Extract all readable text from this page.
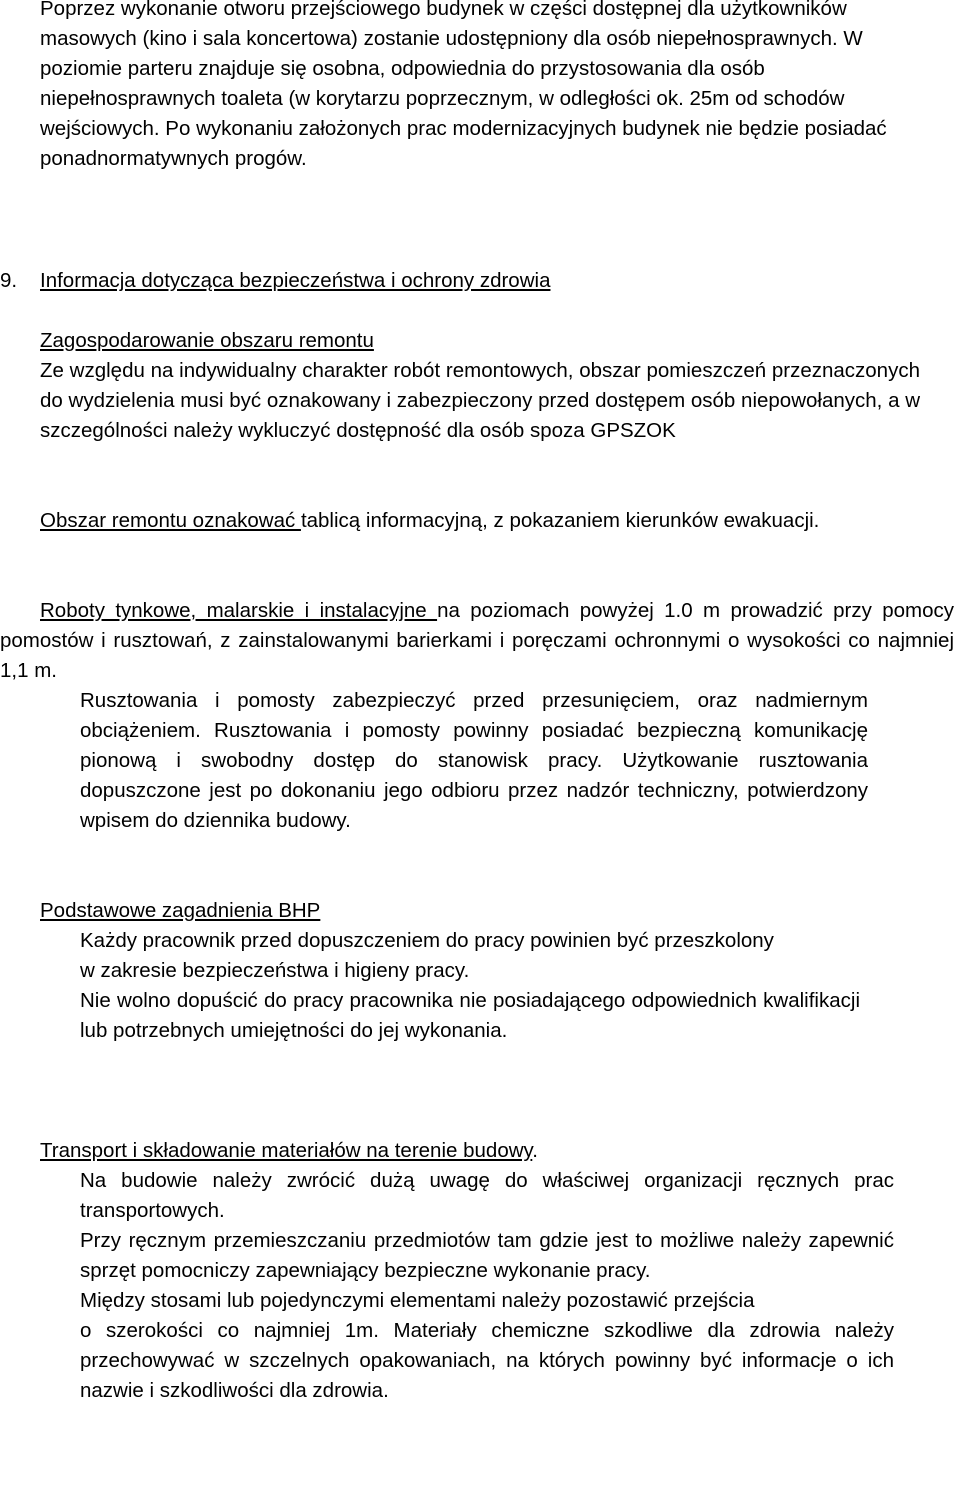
Poprzez wykonanie otworu przejściowego budynek w części dostępnej dla użytkowników masowych (kino i sala koncertowa) zostanie udostępniony dla osób niepełnosprawnych. W poziomie parteru znajduje się osobna, odpowiednia do przystosowania dla osób niepełnosprawnych toaleta (w korytarzu poprzecznym, w odległości ok. 25m od schodów wejściowych. Po wykonaniu założonych prac modernizacyjnych budynek nie będzie posiadać ponadnormatywnych progów.

9. Informacja dotycząca bezpieczeństwa i ochrony zdrowia

Zagospodarowanie obszaru remontu

Ze względu na indywidualny charakter robót remontowych, obszar pomieszczeń przeznaczonych do wydzielenia musi być oznakowany i zabezpieczony przed dostępem osób niepowołanych, a w szczególności należy wykluczyć dostępność dla osób spoza GPSZOK

Obszar remontu oznakować tablicą informacyjną, z pokazaniem kierunków ewakuacji.

Roboty tynkowe, malarskie i instalacyjne na poziomach powyżej 1.0 m prowadzić przy pomocy pomostów i rusztowań, z zainstalowanymi barierkami i poręczami ochronnymi o wysokości co najmniej 1,1 m.

Rusztowania i pomosty zabezpieczyć przed przesunięciem, oraz nadmiernym obciążeniem. Rusztowania i pomosty powinny posiadać bezpieczną komunikację pionową i swobodny dostęp do stanowisk pracy. Użytkowanie rusztowania dopuszczone jest po dokonaniu jego odbioru przez nadzór techniczny, potwierdzony wpisem do dziennika budowy.

Podstawowe zagadnienia BHP

Każdy pracownik przed dopuszczeniem do pracy powinien być przeszkolony

w zakresie bezpieczeństwa i higieny pracy.

Nie wolno dopuścić do pracy pracownika nie posiadającego odpowiednich kwalifikacji lub potrzebnych umiejętności do jej wykonania.

Transport i składowanie materiałów na terenie budowy.

Na budowie należy zwrócić dużą uwagę do właściwej organizacji ręcznych prac transportowych.

Przy ręcznym przemieszczaniu przedmiotów tam gdzie jest to możliwe należy zapewnić sprzęt pomocniczy zapewniający bezpieczne wykonanie pracy.

Między stosami lub pojedynczymi elementami należy pozostawić przejścia

o szerokości co najmniej 1m. Materiały chemiczne szkodliwe dla zdrowia należy przechowywać w szczelnych opakowaniach, na których powinny być informacje o ich nazwie i szkodliwości dla zdrowia.
